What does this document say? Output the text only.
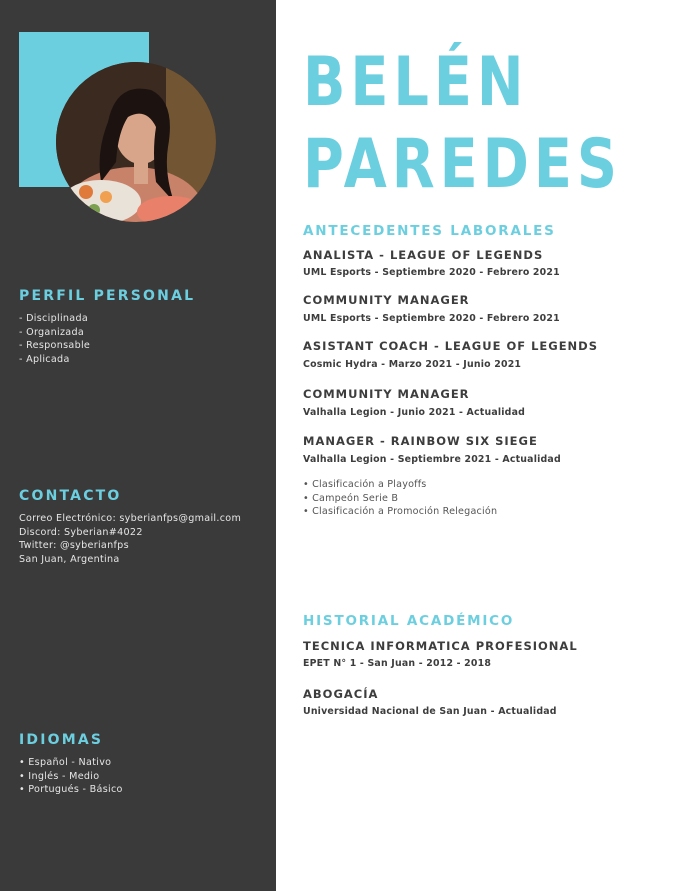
PERFIL PERSONAL
- Disciplinada
- Organizada
- Responsable
- Aplicada
CONTACTO
Correo Electrónico: syberianfps@gmail.com
Discord: Syberian#4022
Twitter: @syberianfps
San Juan, Argentina
IDIOMAS
• Español - Nativo
• Inglés - Medio
• Portugués - Básico
BELÉN
PAREDES
ANTECEDENTES LABORALES
ANALISTA - LEAGUE OF LEGENDS
UML Esports - Septiembre 2020 - Febrero 2021
COMMUNITY MANAGER
UML Esports - Septiembre 2020 - Febrero 2021
ASISTANT COACH - LEAGUE OF LEGENDS
Cosmic Hydra - Marzo 2021 - Junio 2021
COMMUNITY MANAGER
Valhalla Legion - Junio 2021 - Actualidad
MANAGER - RAINBOW SIX SIEGE
Valhalla Legion - Septiembre 2021 - Actualidad
• Clasificación a Playoffs
• Campeón Serie B
• Clasificación a Promoción Relegación
HISTORIAL ACADÉMICO
TECNICA INFORMATICA PROFESIONAL
EPET N° 1 - San Juan - 2012 - 2018
ABOGACÍA
Universidad Nacional de San Juan - Actualidad
